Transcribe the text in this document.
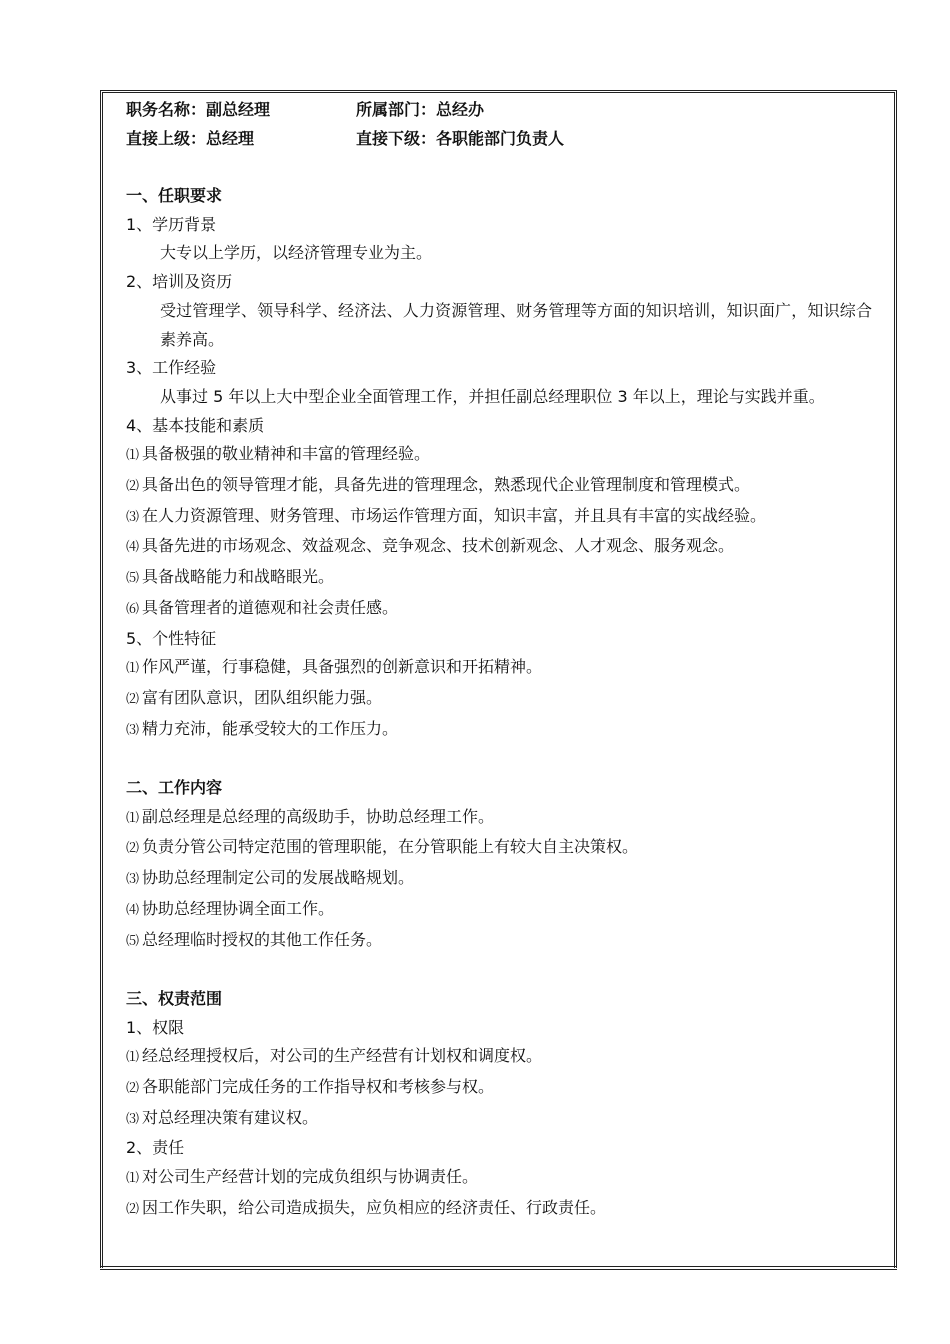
职务名称：副总经理	所属部门：总经办
直接上级：总经理	直接下级：各职能部门负责人
一、任职要求
1、学历背景
大专以上学历，以经济管理专业为主。
2、培训及资历
受过管理学、领导科学、经济法、人力资源管理、财务管理等方面的知识培训，知识面广，知识综合素养高。
3、工作经验
从事过 5 年以上大中型企业全面管理工作，并担任副总经理职位 3 年以上，理论与实践并重。
4、基本技能和素质
⑴ 具备极强的敬业精神和丰富的管理经验。
⑵ 具备出色的领导管理才能，具备先进的管理理念，熟悉现代企业管理制度和管理模式。
⑶ 在人力资源管理、财务管理、市场运作管理方面，知识丰富，并且具有丰富的实战经验。
⑷ 具备先进的市场观念、效益观念、竞争观念、技术创新观念、人才观念、服务观念。
⑸ 具备战略能力和战略眼光。
⑹ 具备管理者的道德观和社会责任感。
5、个性特征
⑴ 作风严谨，行事稳健，具备强烈的创新意识和开拓精神。
⑵ 富有团队意识，团队组织能力强。
⑶ 精力充沛，能承受较大的工作压力。
二、工作内容
⑴ 副总经理是总经理的高级助手，协助总经理工作。
⑵ 负责分管公司特定范围的管理职能，在分管职能上有较大自主决策权。
⑶ 协助总经理制定公司的发展战略规划。
⑷ 协助总经理协调全面工作。
⑸ 总经理临时授权的其他工作任务。
三、权责范围
1、权限
⑴ 经总经理授权后，对公司的生产经营有计划权和调度权。
⑵ 各职能部门完成任务的工作指导权和考核参与权。
⑶ 对总经理决策有建议权。
2、责任
⑴ 对公司生产经营计划的完成负组织与协调责任。
⑵ 因工作失职，给公司造成损失，应负相应的经济责任、行政责任。
